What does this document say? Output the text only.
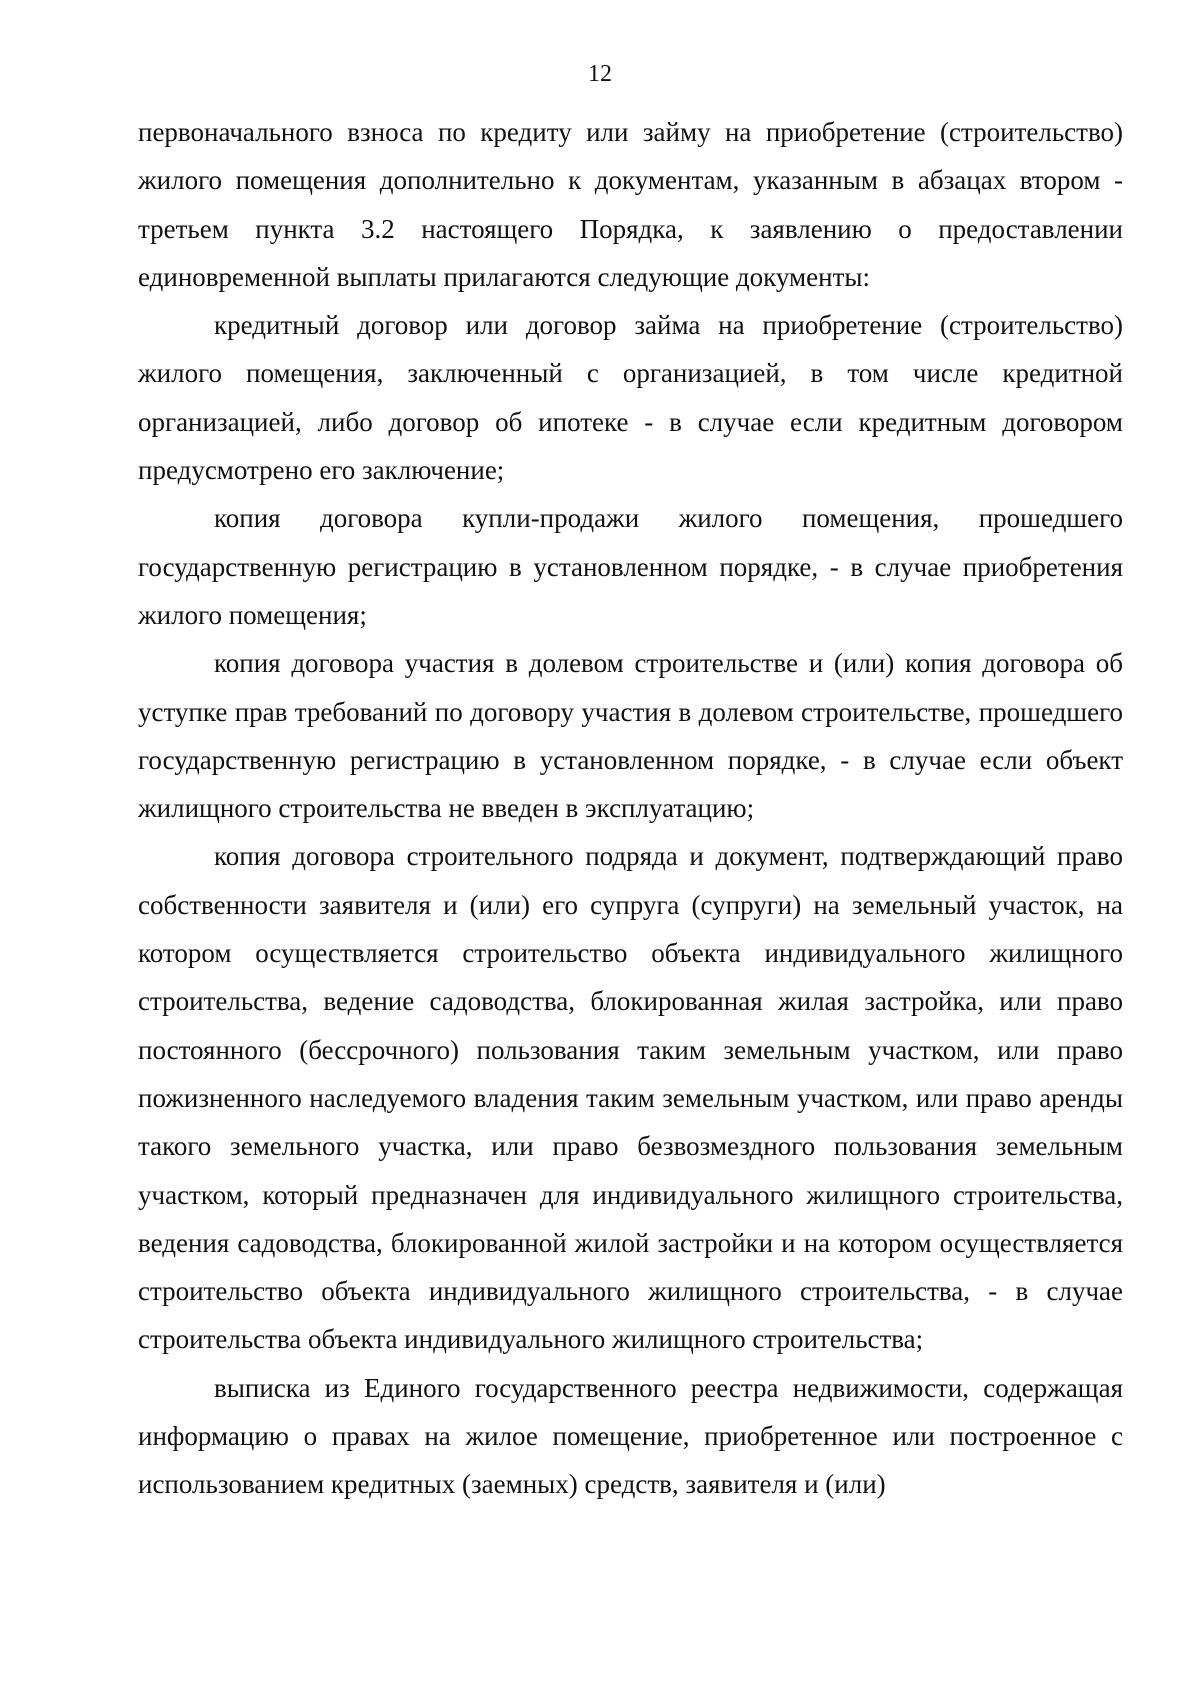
12

первоначального взноса по кредиту или займу на приобретение (строительство) жилого помещения дополнительно к документам, указанным в абзацах втором - третьем пункта 3.2 настоящего Порядка, к заявлению о предоставлении единовременной выплаты прилагаются следующие документы:

кредитный договор или договор займа на приобретение (строительство) жилого помещения, заключенный с организацией, в том числе кредитной организацией, либо договор об ипотеке - в случае если кредитным договором предусмотрено его заключение;

копия договора купли-продажи жилого помещения, прошедшего государственную регистрацию в установленном порядке, - в случае приобретения жилого помещения;

копия договора участия в долевом строительстве и (или) копия договора об уступке прав требований по договору участия в долевом строительстве, прошедшего государственную регистрацию в установленном порядке, - в случае если объект жилищного строительства не введен в эксплуатацию;

копия договора строительного подряда и документ, подтверждающий право собственности заявителя и (или) его супруга (супруги) на земельный участок, на котором осуществляется строительство объекта индивидуального жилищного строительства, ведение садоводства, блокированная жилая застройка, или право постоянного (бессрочного) пользования таким земельным участком, или право пожизненного наследуемого владения таким земельным участком, или право аренды такого земельного участка, или право безвозмездного пользования земельным участком, который предназначен для индивидуального жилищного строительства, ведения садоводства, блокированной жилой застройки и на котором осуществляется строительство объекта индивидуального жилищного строительства, - в случае строительства объекта индивидуального жилищного строительства;

выписка из Единого государственного реестра недвижимости, содержащая информацию о правах на жилое помещение, приобретенное или построенное с использованием кредитных (заемных) средств, заявителя и (или)
